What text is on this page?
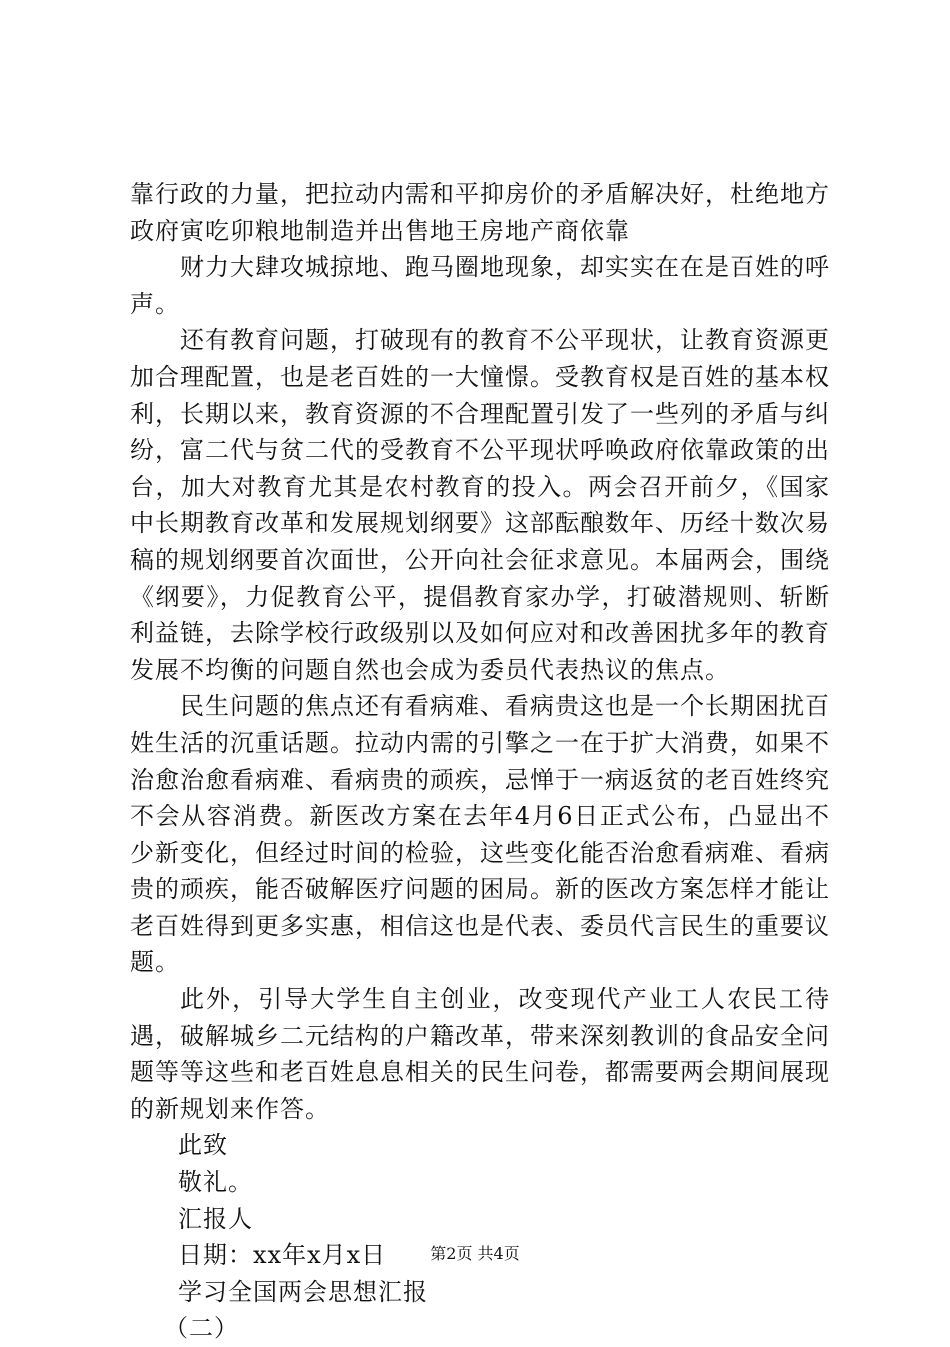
靠行政的力量，把拉动内需和平抑房价的矛盾解决好，杜绝地方政府寅吃卯粮地制造并出售地王房地产商依靠

财力大肆攻城掠地、跑马圈地现象，却实实在在是百姓的呼声。

还有教育问题，打破现有的教育不公平现状，让教育资源更加合理配置，也是老百姓的一大憧憬。受教育权是百姓的基本权利，长期以来，教育资源的不合理配置引发了一些列的矛盾与纠纷，富二代与贫二代的受教育不公平现状呼唤政府依靠政策的出台，加大对教育尤其是农村教育的投入。两会召开前夕，《国家中长期教育改革和发展规划纲要》这部酝酿数年、历经十数次易稿的规划纲要首次面世，公开向社会征求意见。本届两会，围绕《纲要》，力促教育公平，提倡教育家办学，打破潜规则、斩断利益链，去除学校行政级别以及如何应对和改善困扰多年的教育发展不均衡的问题自然也会成为委员代表热议的焦点。

民生问题的焦点还有看病难、看病贵这也是一个长期困扰百姓生活的沉重话题。拉动内需的引擎之一在于扩大消费，如果不治愈治愈看病难、看病贵的顽疾，忌惮于一病返贫的老百姓终究不会从容消费。新医改方案在去年4月6日正式公布，凸显出不少新变化，但经过时间的检验，这些变化能否治愈看病难、看病贵的顽疾，能否破解医疗问题的困局。新的医改方案怎样才能让老百姓得到更多实惠，相信这也是代表、委员代言民生的重要议题。

此外，引导大学生自主创业，改变现代产业工人农民工待遇，破解城乡二元结构的户籍改革，带来深刻教训的食品安全问题等等这些和老百姓息息相关的民生问卷，都需要两会期间展现的新规划来作答。

此致

敬礼。

汇报人

日期：xx年x月x日

学习全国两会思想汇报

（二）

第2页 共4页
